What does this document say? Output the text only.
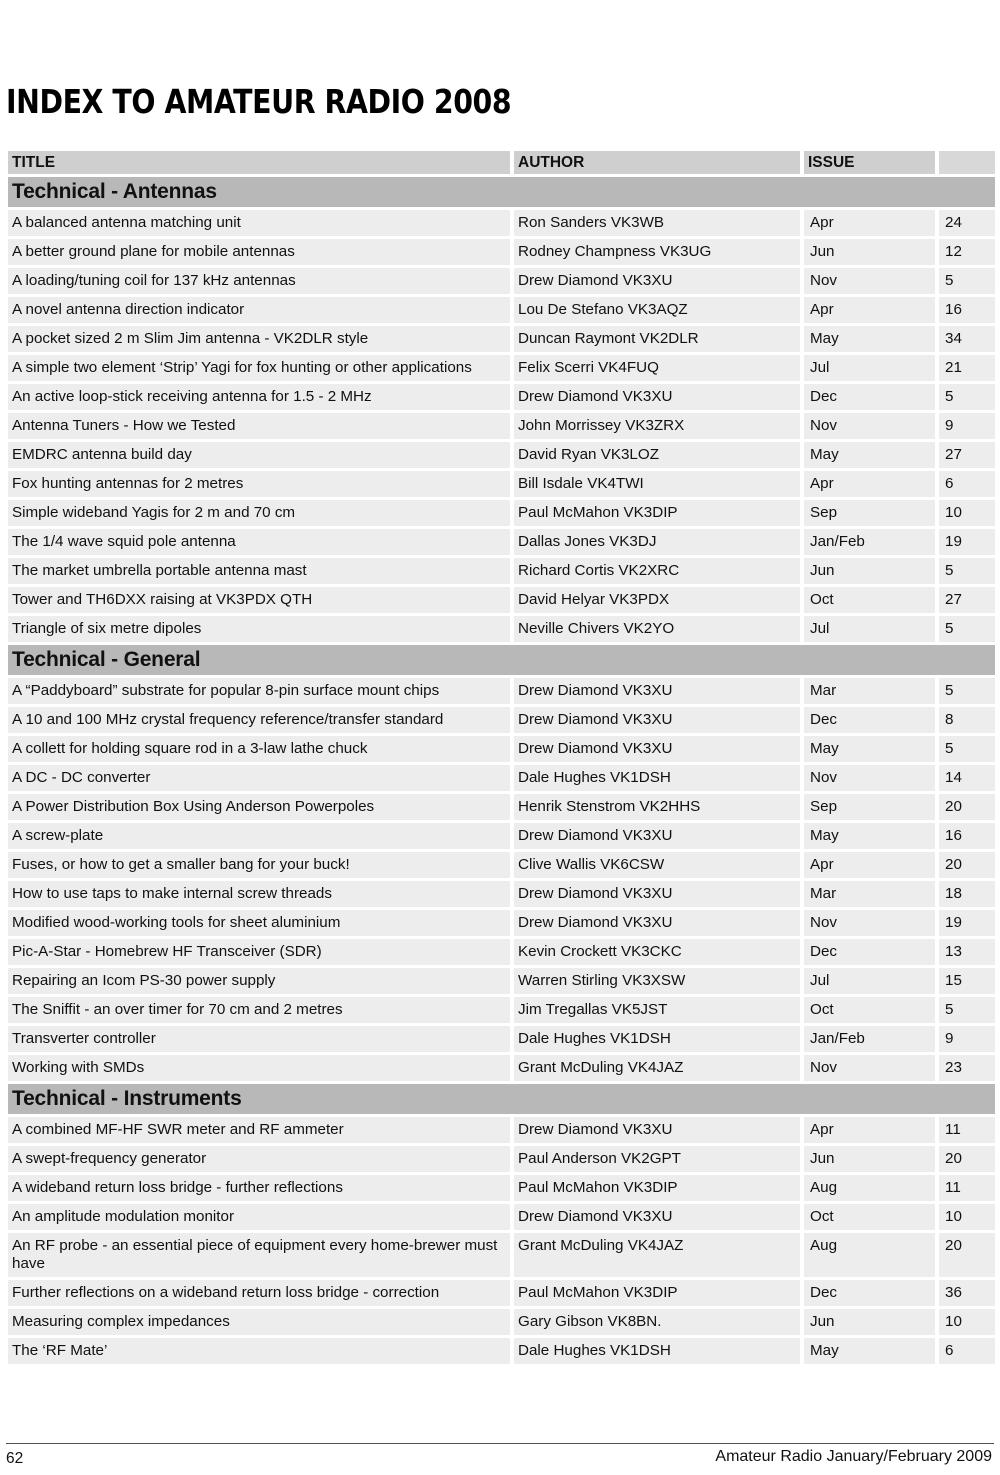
INDEX TO AMATEUR RADIO 2008
TITLE	AUTHOR	ISSUE	
Technical - Antennas			
A balanced antenna matching unit	Ron Sanders VK3WB	Apr	24
A better ground plane for mobile antennas	Rodney Champness VK3UG	Jun	12
A loading/tuning coil for 137 kHz antennas	Drew Diamond VK3XU	Nov	5
A novel antenna direction indicator	Lou De Stefano VK3AQZ	Apr	16
A pocket sized 2 m Slim Jim antenna - VK2DLR style	Duncan Raymont VK2DLR	May	34
A simple two element ‘Strip’ Yagi for fox hunting or other applications	Felix Scerri VK4FUQ	Jul	21
An active loop-stick receiving antenna for 1.5 - 2 MHz	Drew Diamond VK3XU	Dec	5
Antenna Tuners - How we Tested	John Morrissey VK3ZRX	Nov	9
EMDRC antenna build day	David Ryan VK3LOZ	May	27
Fox hunting antennas for 2 metres	Bill Isdale VK4TWI	Apr	6
Simple wideband Yagis for 2 m and 70 cm	Paul McMahon VK3DIP	Sep	10
The 1/4 wave squid pole antenna	Dallas Jones VK3DJ	Jan/Feb	19
The market umbrella portable antenna mast	Richard Cortis VK2XRC	Jun	5
Tower and TH6DXX raising at VK3PDX QTH	David Helyar VK3PDX	Oct	27
Triangle of six metre dipoles	Neville Chivers VK2YO	Jul	5
Technical - General			
A “Paddyboard” substrate for popular 8-pin surface mount chips	Drew Diamond VK3XU	Mar	5
A 10 and 100 MHz crystal frequency reference/transfer standard	Drew Diamond VK3XU	Dec	8
A collett for holding square rod in a 3-law lathe chuck	Drew Diamond VK3XU	May	5
A DC - DC converter	Dale Hughes VK1DSH	Nov	14
A Power Distribution Box Using Anderson Powerpoles	Henrik Stenstrom VK2HHS	Sep	20
A screw-plate	Drew Diamond VK3XU	May	16
Fuses, or how to get a smaller bang for your buck!	Clive Wallis VK6CSW	Apr	20
How to use taps to make internal screw threads	Drew Diamond VK3XU	Mar	18
Modified wood-working tools for sheet aluminium	Drew Diamond VK3XU	Nov	19
Pic-A-Star - Homebrew HF Transceiver (SDR)	Kevin Crockett VK3CKC	Dec	13
Repairing an Icom PS-30 power supply	Warren Stirling VK3XSW	Jul	15
The Sniffit - an over timer for 70 cm and 2 metres	Jim Tregallas VK5JST	Oct	5
Transverter controller	Dale Hughes VK1DSH	Jan/Feb	9
Working with SMDs	Grant McDuling VK4JAZ	Nov	23
Technical - Instruments			
A combined MF-HF SWR meter and RF ammeter	Drew Diamond VK3XU	Apr	11
A swept-frequency generator	Paul Anderson VK2GPT	Jun	20
A wideband return loss bridge - further reflections	Paul McMahon VK3DIP	Aug	11
An amplitude modulation monitor	Drew Diamond VK3XU	Oct	10
An RF probe - an essential piece of equipment every home-brewer must have	Grant McDuling VK4JAZ	Aug	20
Further reflections on a wideband return loss bridge - correction	Paul McMahon VK3DIP	Dec	36
Measuring complex impedances	Gary Gibson VK8BN.	Jun	10
The ‘RF Mate’	Dale Hughes VK1DSH	May	6
62	Amateur Radio January/February 2009
